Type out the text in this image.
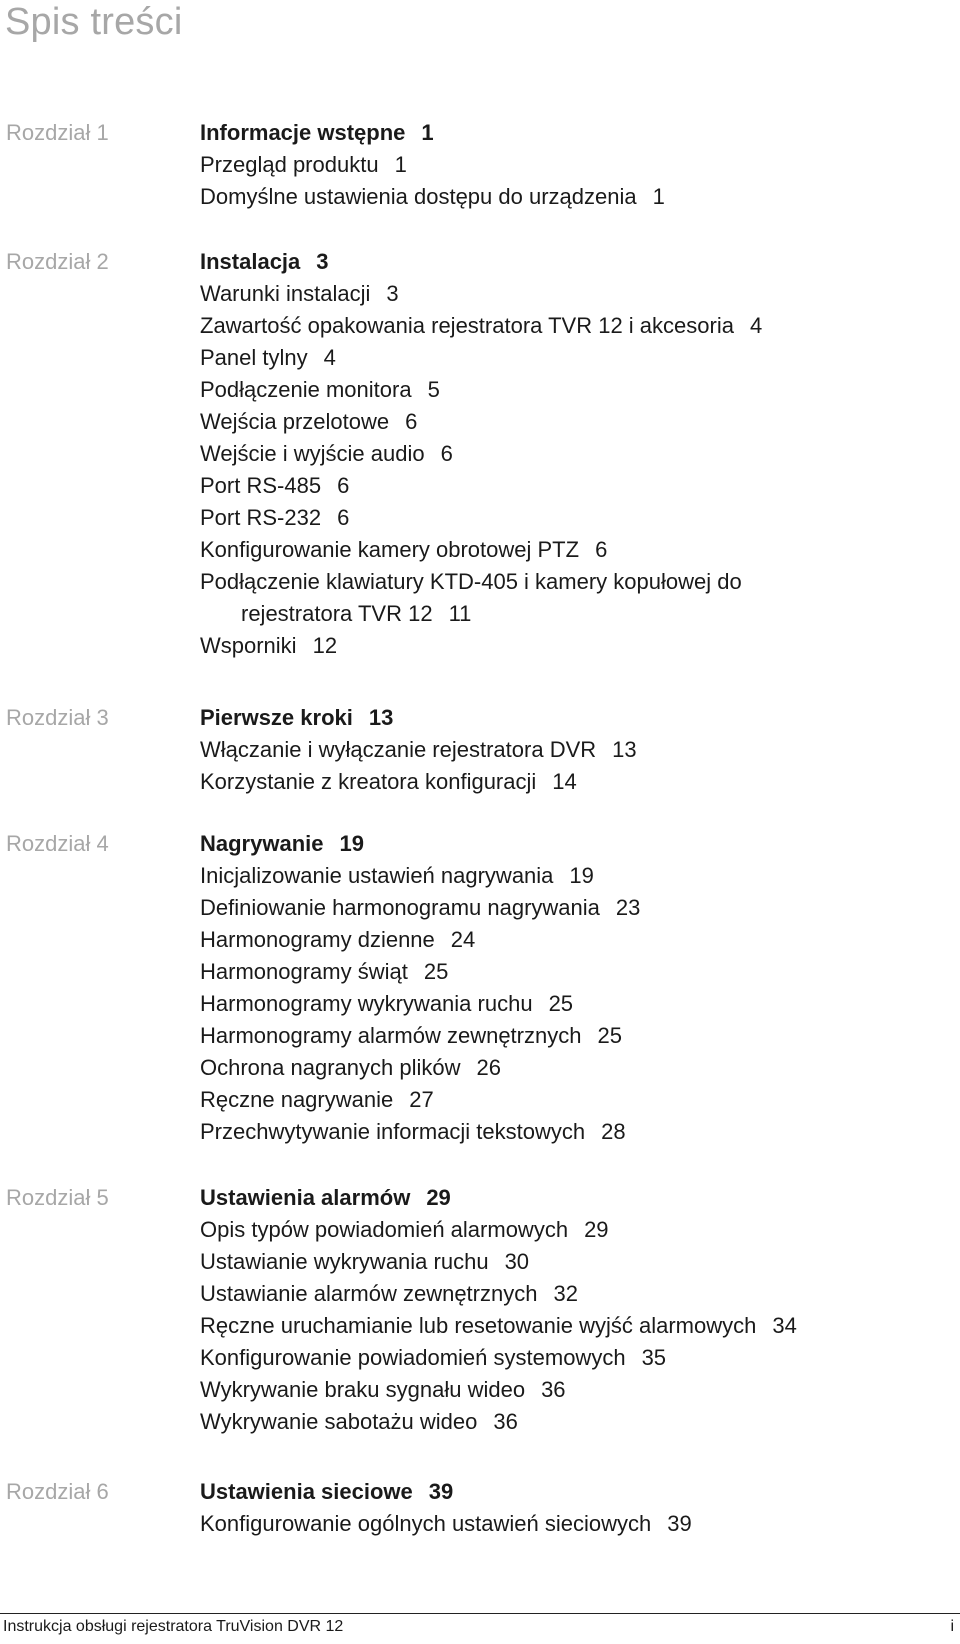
Spis treści
Rozdział 1	Informacje wstępne 1
Przegląd produktu 1
Domyślne ustawienia dostępu do urządzenia 1
Rozdział 2	Instalacja 3
Warunki instalacji 3
Zawartość opakowania rejestratora TVR 12 i akcesoria 4
Panel tylny 4
Podłączenie monitora 5
Wejścia przelotowe 6
Wejście i wyjście audio 6
Port RS-485 6
Port RS-232 6
Konfigurowanie kamery obrotowej PTZ 6
Podłączenie klawiatury KTD-405 i kamery kopułowej do
rejestratora TVR 12 11
Wsporniki 12
Rozdział 3	Pierwsze kroki 13
Włączanie i wyłączanie rejestratora DVR 13
Korzystanie z kreatora konfiguracji 14
Rozdział 4	Nagrywanie 19
Inicjalizowanie ustawień nagrywania 19
Definiowanie harmonogramu nagrywania 23
Harmonogramy dzienne 24
Harmonogramy świąt 25
Harmonogramy wykrywania ruchu 25
Harmonogramy alarmów zewnętrznych 25
Ochrona nagranych plików 26
Ręczne nagrywanie 27
Przechwytywanie informacji tekstowych 28
Rozdział 5	Ustawienia alarmów 29
Opis typów powiadomień alarmowych 29
Ustawianie wykrywania ruchu 30
Ustawianie alarmów zewnętrznych 32
Ręczne uruchamianie lub resetowanie wyjść alarmowych 34
Konfigurowanie powiadomień systemowych 35
Wykrywanie braku sygnału wideo 36
Wykrywanie sabotażu wideo 36
Rozdział 6	Ustawienia sieciowe 39
Konfigurowanie ogólnych ustawień sieciowych 39
Instrukcja obsługi rejestratora TruVision DVR 12	i
